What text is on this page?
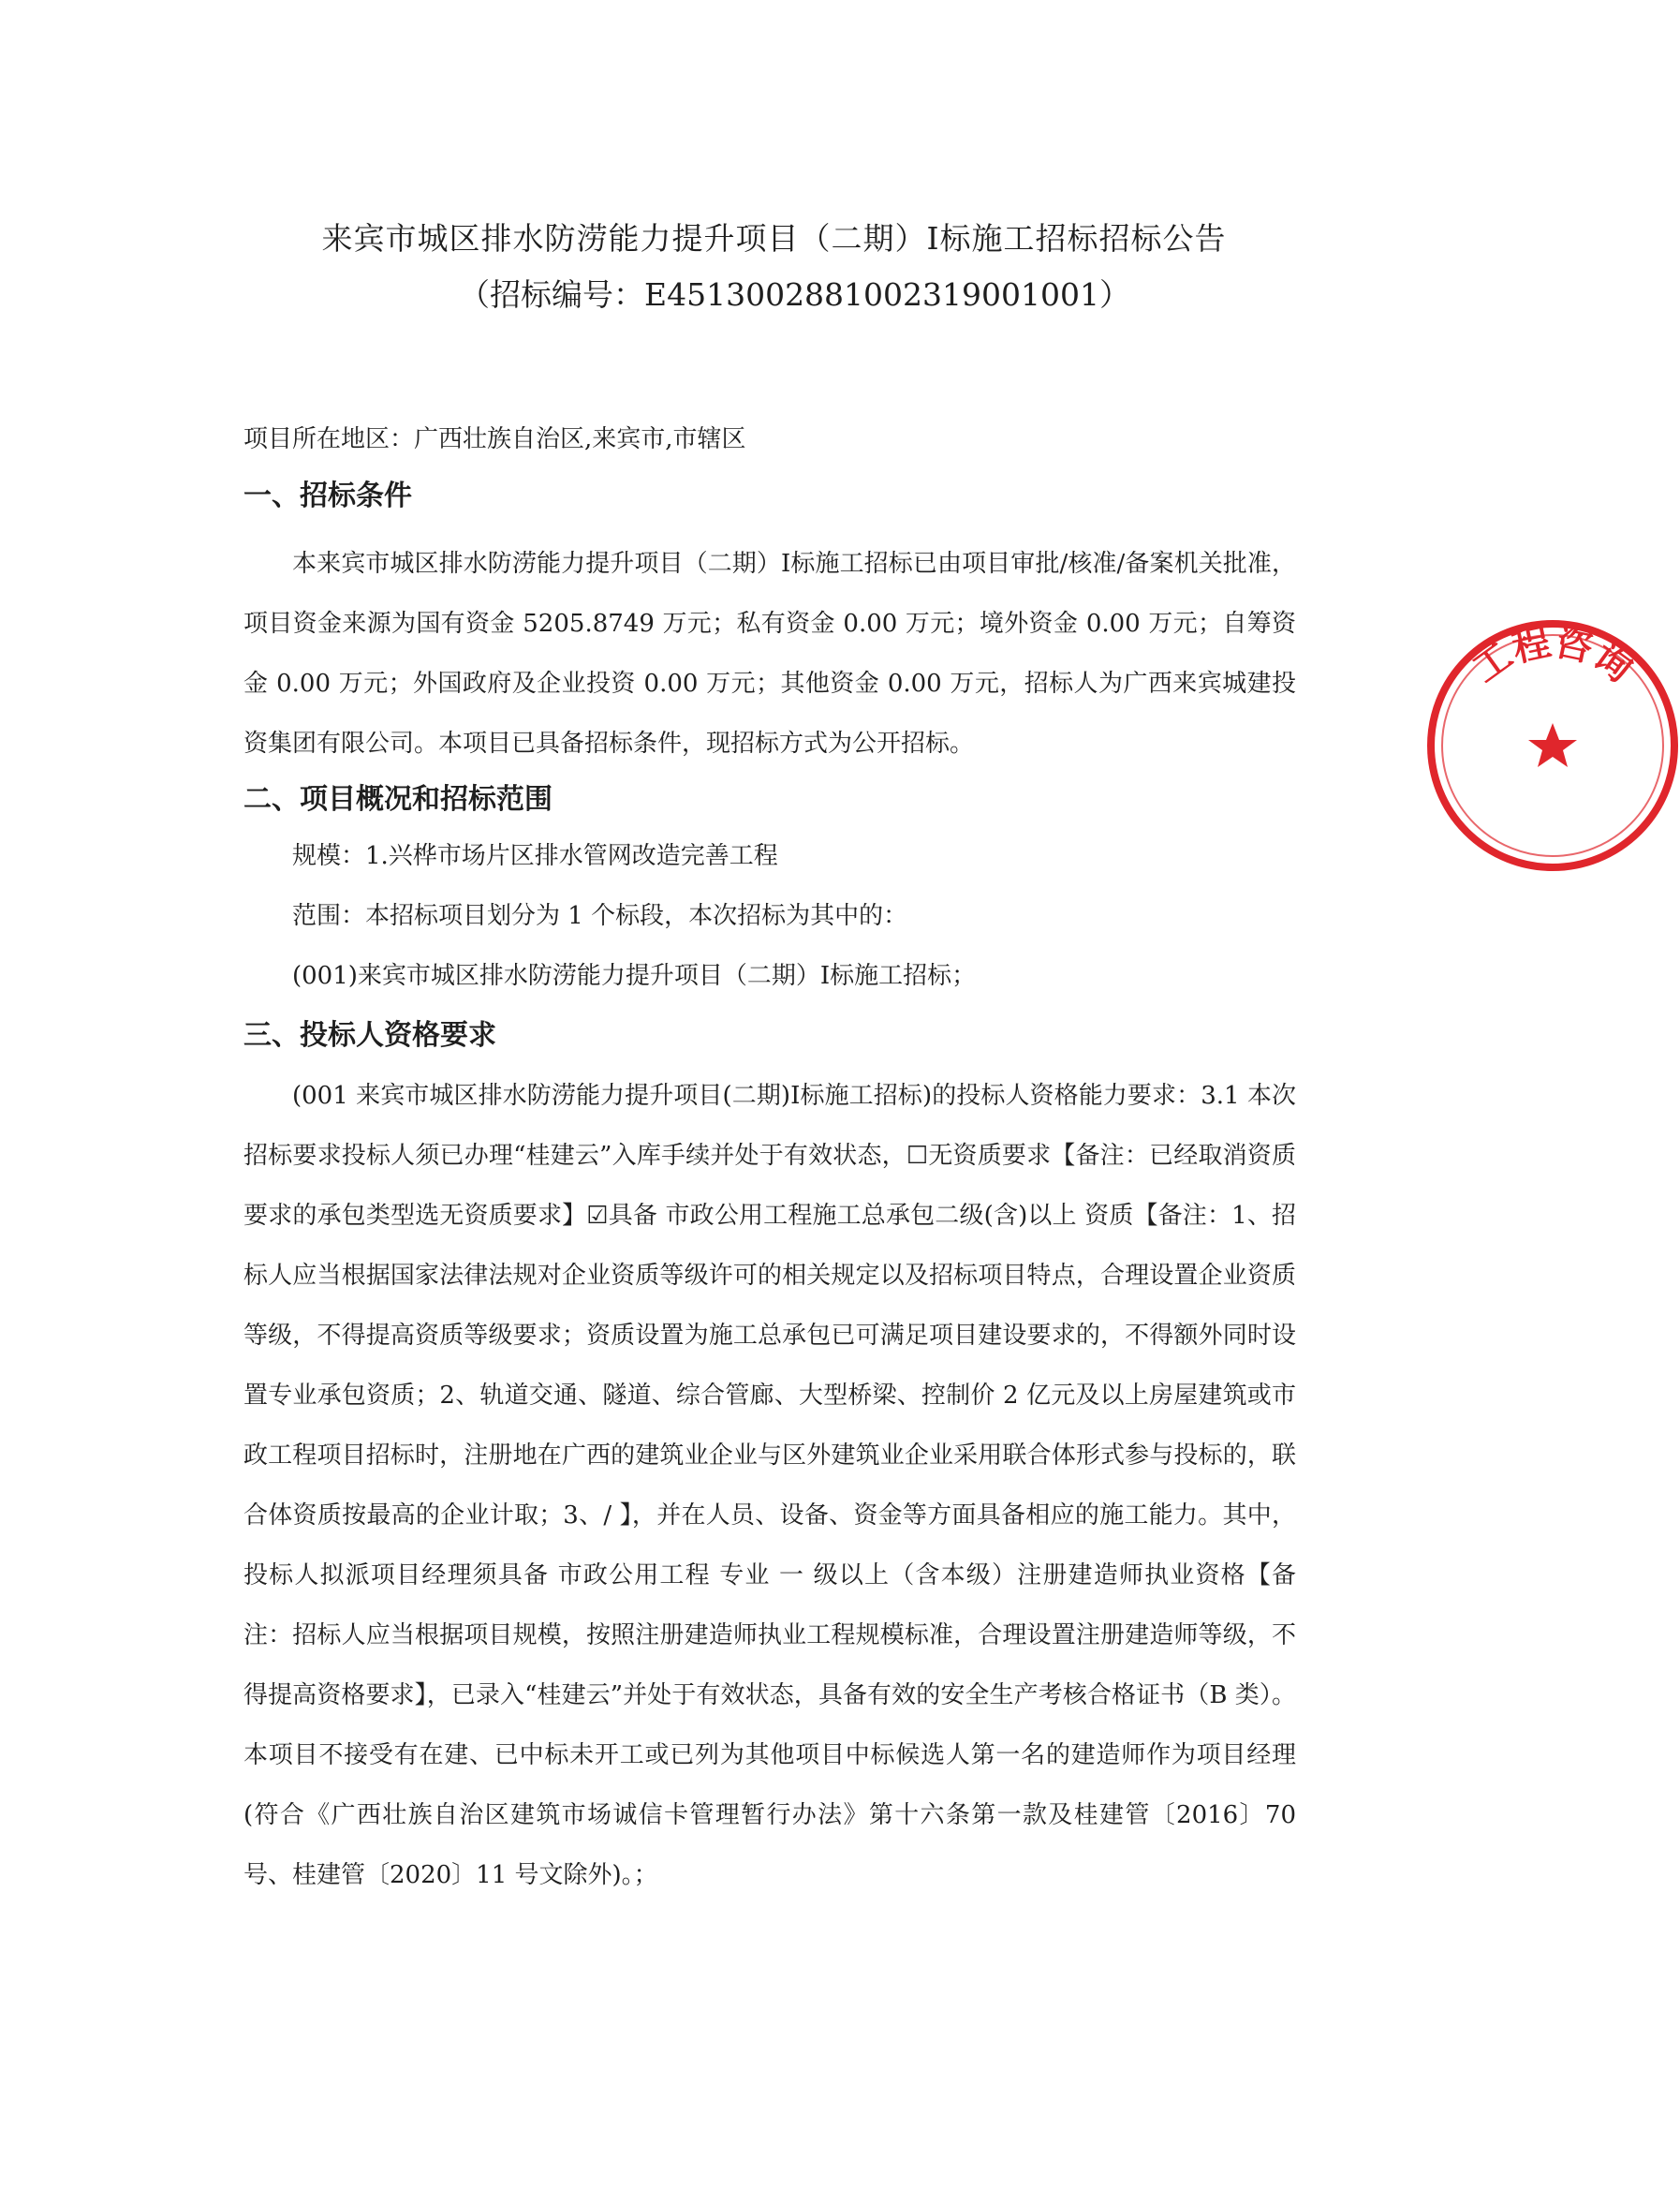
来宾市城区排水防涝能力提升项目（二期）Ⅰ标施工招标招标公告
（招标编号：E4513002881002319001001）

项目所在地区：广西壮族自治区,来宾市,市辖区

一、招标条件

本来宾市城区排水防涝能力提升项目（二期）Ⅰ标施工招标已由项目审批/核准/备案机关批准，项目资金来源为国有资金 5205.8749 万元；私有资金 0.00 万元；境外资金 0.00 万元；自筹资金 0.00 万元；外国政府及企业投资 0.00 万元；其他资金 0.00 万元，招标人为广西来宾城建投资集团有限公司。本项目已具备招标条件，现招标方式为公开招标。

二、项目概况和招标范围

规模：1.兴桦市场片区排水管网改造完善工程

范围：本招标项目划分为 1 个标段，本次招标为其中的：

(001)来宾市城区排水防涝能力提升项目（二期）Ⅰ标施工招标；

三、投标人资格要求

(001 来宾市城区排水防涝能力提升项目(二期)Ⅰ标施工招标)的投标人资格能力要求：3.1 本次招标要求投标人须已办理“桂建云”入库手续并处于有效状态，☐无资质要求【备注：已经取消资质要求的承包类型选无资质要求】☑具备 市政公用工程施工总承包二级(含)以上 资质【备注：1、招标人应当根据国家法律法规对企业资质等级许可的相关规定以及招标项目特点，合理设置企业资质等级，不得提高资质等级要求；资质设置为施工总承包已可满足项目建设要求的，不得额外同时设置专业承包资质；2、轨道交通、隧道、综合管廊、大型桥梁、控制价 2 亿元及以上房屋建筑或市政工程项目招标时，注册地在广西的建筑业企业与区外建筑业企业采用联合体形式参与投标的，联合体资质按最高的企业计取；3、/ 】，并在人员、设备、资金等方面具备相应的施工能力。其中，投标人拟派项目经理须具备 市政公用工程 专业 一 级以上（含本级）注册建造师执业资格【备注：招标人应当根据项目规模，按照注册建造师执业工程规模标准，合理设置注册建造师等级，不得提高资格要求】，已录入“桂建云”并处于有效状态，具备有效的安全生产考核合格证书（B 类）。本项目不接受有在建、已中标未开工或已列为其他项目中标候选人第一名的建造师作为项目经理(符合《广西壮族自治区建筑市场诚信卡管理暂行办法》第十六条第一款及桂建管〔2016〕70 号、桂建管〔2020〕11 号文除外)。；

工程咨询
